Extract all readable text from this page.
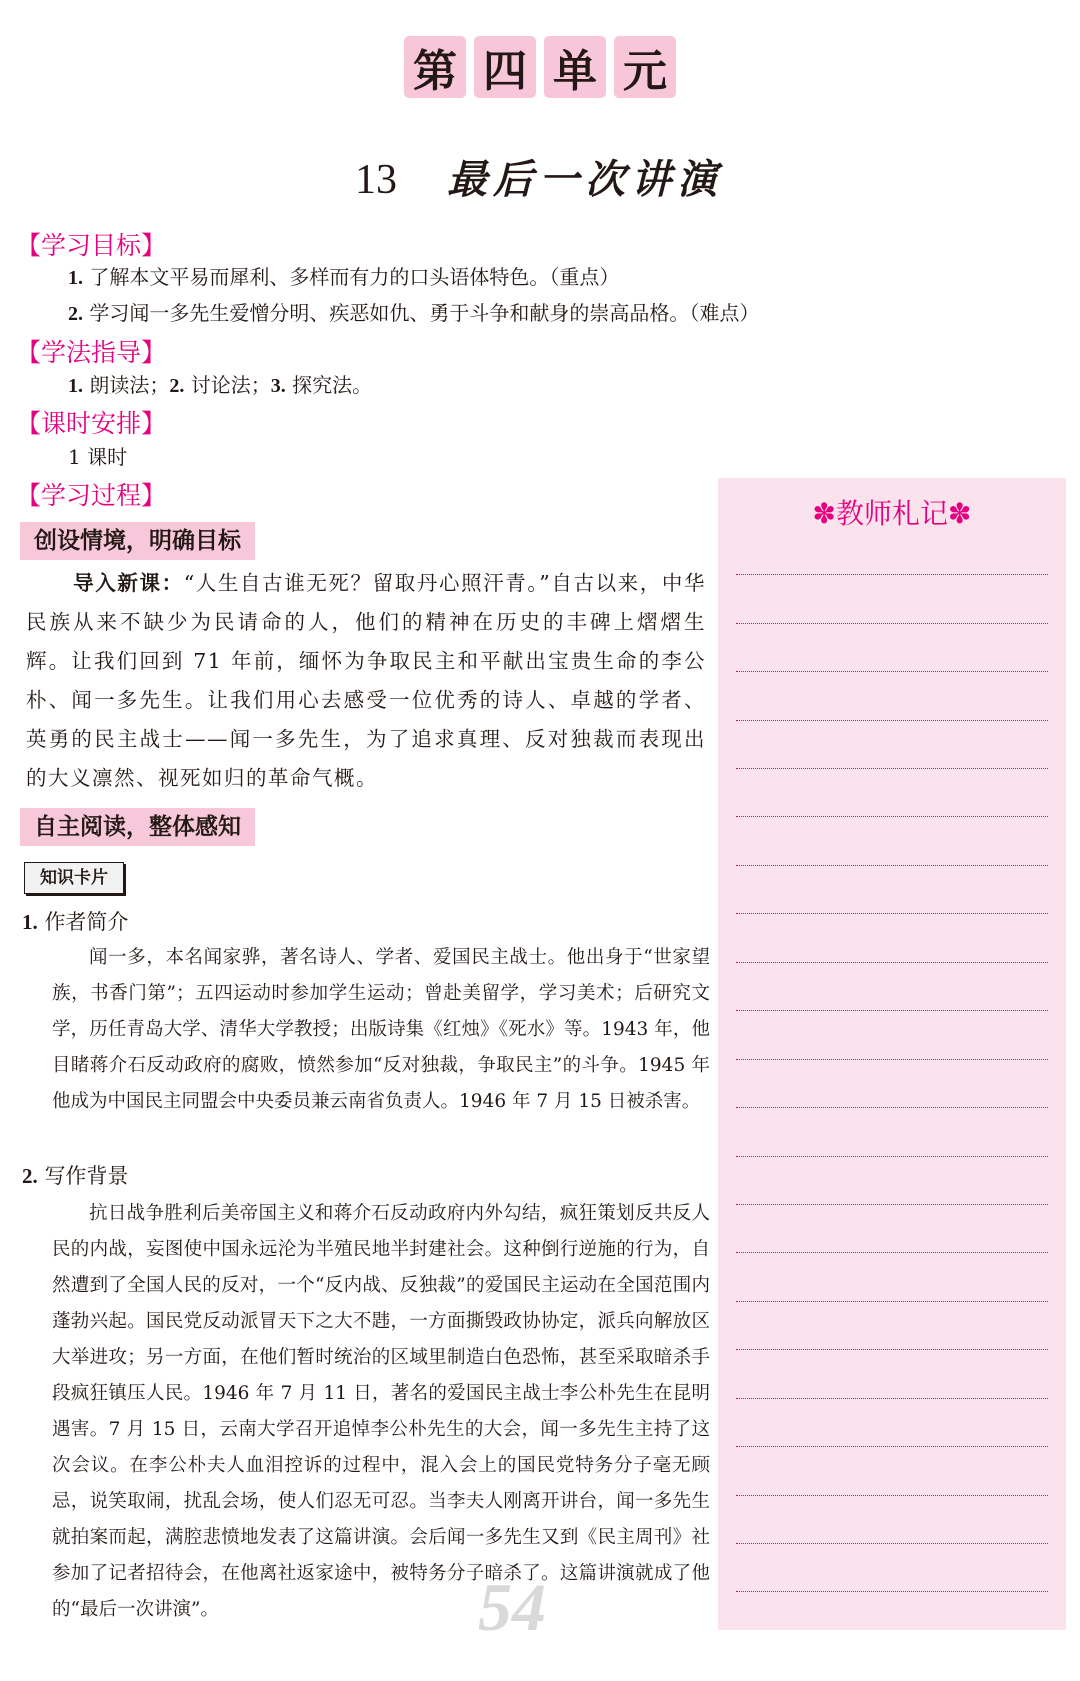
第 四 单 元
13 最后一次讲演
【学习目标】
1. 了解本文平易而犀利、多样而有力的口头语体特色。（重点）
2. 学习闻一多先生爱憎分明、疾恶如仇、勇于斗争和献身的崇高品格。（难点）
【学法指导】
1. 朗读法；2. 讨论法；3. 探究法。
【课时安排】
1 课时
【学习过程】
创设情境，明确目标
导入新课：“人生自古谁无死？留取丹心照汗青。”自古以来，中华民族从来不缺少为民请命的人，他们的精神在历史的丰碑上熠熠生辉。让我们回到 71 年前，缅怀为争取民主和平献出宝贵生命的李公朴、闻一多先生。让我们用心去感受一位优秀的诗人、卓越的学者、英勇的民主战士——闻一多先生，为了追求真理、反对独裁而表现出的大义凛然、视死如归的革命气概。
自主阅读，整体感知
知识卡片
1. 作者简介
闻一多，本名闻家骅，著名诗人、学者、爱国民主战士。他出身于“世家望族，书香门第”；五四运动时参加学生运动；曾赴美留学，学习美术；后研究文学，历任青岛大学、清华大学教授；出版诗集《红烛》《死水》等。1943 年，他目睹蒋介石反动政府的腐败，愤然参加“反对独裁，争取民主”的斗争。1945 年他成为中国民主同盟会中央委员兼云南省负责人。1946 年 7 月 15 日被杀害。
2. 写作背景
抗日战争胜利后美帝国主义和蒋介石反动政府内外勾结，疯狂策划反共反人民的内战，妄图使中国永远沦为半殖民地半封建社会。这种倒行逆施的行为，自然遭到了全国人民的反对，一个“反内战、反独裁”的爱国民主运动在全国范围内蓬勃兴起。国民党反动派冒天下之大不韪，一方面撕毁政协协定，派兵向解放区大举进攻；另一方面，在他们暂时统治的区域里制造白色恐怖，甚至采取暗杀手段疯狂镇压人民。1946 年 7 月 11 日，著名的爱国民主战士李公朴先生在昆明遇害。7 月 15 日，云南大学召开追悼李公朴先生的大会，闻一多先生主持了这次会议。在李公朴夫人血泪控诉的过程中，混入会上的国民党特务分子毫无顾忌，说笑取闹，扰乱会场，使人们忍无可忍。当李夫人刚离开讲台，闻一多先生就拍案而起，满腔悲愤地发表了这篇讲演。会后闻一多先生又到《民主周刊》社参加了记者招待会，在他离社返家途中，被特务分子暗杀了。这篇讲演就成了他的“最后一次讲演”。
✽教师札记✽
54
